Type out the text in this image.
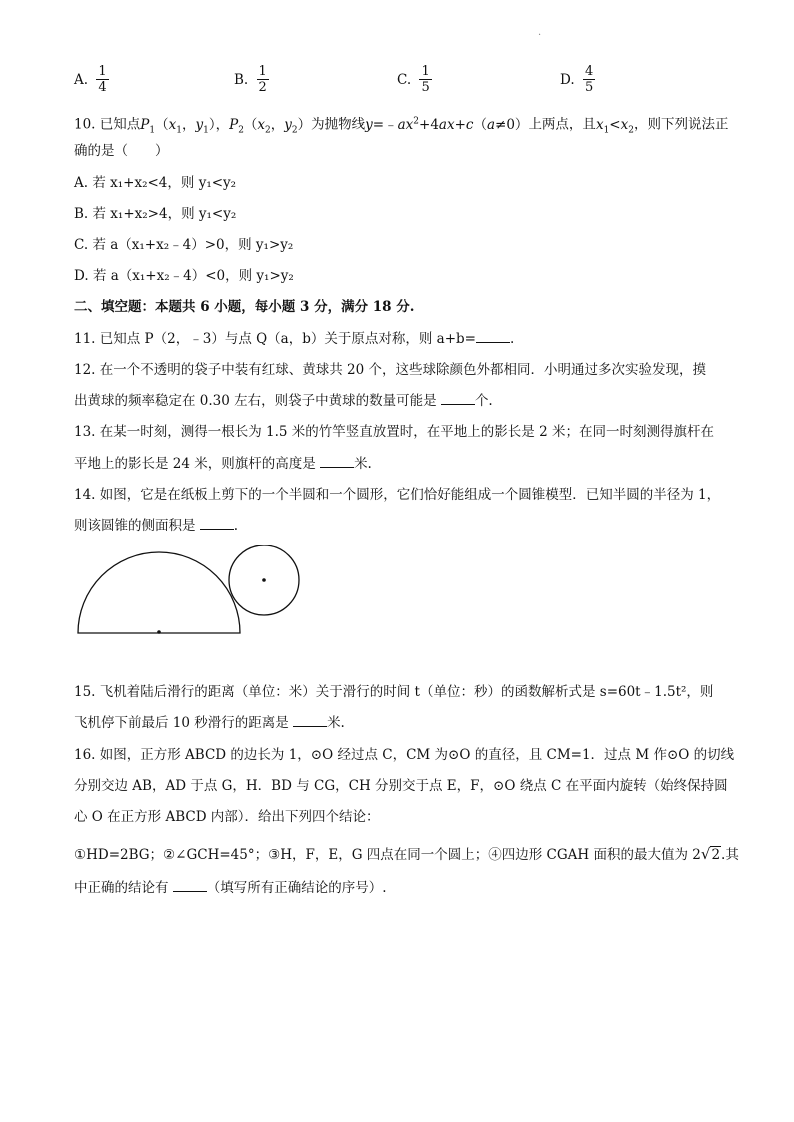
·
A. $\frac{1}{4}$	B. $\frac{1}{2}$	C. $\frac{1}{5}$	D. $\frac{4}{5}$
10. 已知点$P_1(x_1$，$y_1$），$P_2(x_2$，$y_2$）为抛物线$y=﹣ax^2+4ax+c(a\ne 0)$上两点，且$x_1<x_2$，则下列说法正
确的是（　　）
A. 若 x₁+x₂<4，则 y₁<y₂
B. 若 x₁+x₂>4，则 y₁<y₂
C. 若 a（x₁+x₂﹣4）>0，则 y₁>y₂
D. 若 a（x₁+x₂﹣4）<0，则 y₁>y₂
二、填空题：本题共 6 小题，每小题 3 分，满分 18 分.
11. 已知点 P（2，﹣3）与点 Q（a，b）关于原点对称，则 a+b=	.
12. 在一个不透明的袋子中装有红球、黄球共 20 个，这些球除颜色外都相同．小明通过多次实验发现，摸
出黄球的频率稳定在 0.30 左右，则袋子中黄球的数量可能是	个.
13. 在某一时刻，测得一根长为 1.5 米的竹竿竖直放置时，在平地上的影长是 2 米；在同一时刻测得旗杆在
平地上的影长是 24 米，则旗杆的高度是	米.
14. 如图，它是在纸板上剪下的一个半圆和一个圆形，它们恰好能组成一个圆锥模型．已知半圆的半径为 1，
则该圆锥的侧面积是	.
15. 飞机着陆后滑行的距离（单位：米）关于滑行的时间 t（单位：秒）的函数解析式是 s=60t﹣1.5t²，则
飞机停下前最后 10 秒滑行的距离是	米.
16. 如图，正方形 ABCD 的边长为 1，⊙O 经过点 C，CM 为⊙O 的直径，且 CM=1．过点 M 作⊙O 的切线
分别交边 AB，AD 于点 G，H．BD 与 CG，CH 分别交于点 E，F，⊙O 绕点 C 在平面内旋转（始终保持圆
心 O 在正方形 ABCD 内部）．给出下列四个结论：
①HD=2BG；②∠GCH=45°；③H，F，E，G 四点在同一个圆上；④四边形 CGAH 面积的最大值为 2√2.其
中正确的结论有	（填写所有正确结论的序号）.
